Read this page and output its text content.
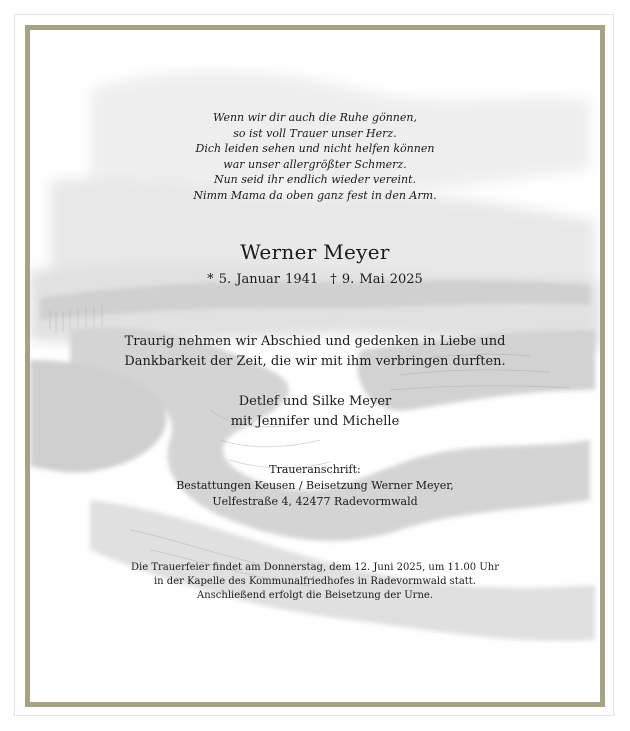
Wenn wir dir auch die Ruhe gönnen,
so ist voll Trauer unser Herz.
Dich leiden sehen und nicht helfen können
war unser allergrößter Schmerz.
Nun seid ihr endlich wieder vereint.
Nimm Mama da oben ganz fest in den Arm.
Werner Meyer
* 5. Januar 1941 † 9. Mai 2025
Traurig nehmen wir Abschied und gedenken in Liebe und
Dankbarkeit der Zeit, die wir mit ihm verbringen durften.
Detlef und Silke Meyer
mit Jennifer und Michelle
Traueranschrift:
Bestattungen Keusen / Beisetzung Werner Meyer,
Uelfestraße 4, 42477 Radevormwald
Die Trauerfeier findet am Donnerstag, dem 12. Juni 2025, um 11.00 Uhr
in der Kapelle des Kommunalfriedhofes in Radevormwald statt.
Anschließend erfolgt die Beisetzung der Urne.
